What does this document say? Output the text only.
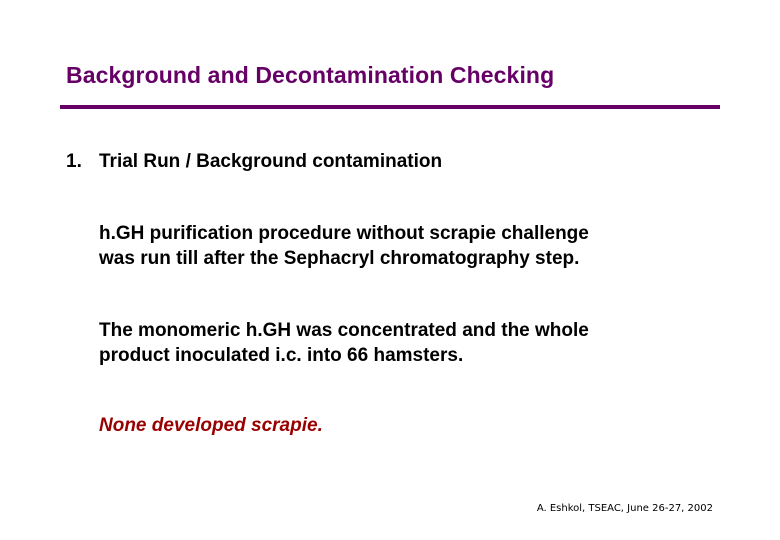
Background and Decontamination Checking
1. Trial Run / Background contamination
h.GH purification procedure without scrapie challenge
was run till after the Sephacryl chromatography step.
The monomeric h.GH was concentrated and the whole
product inoculated i.c. into 66 hamsters.
None developed scrapie.
A. Eshkol, TSEAC, June 26-27, 2002
